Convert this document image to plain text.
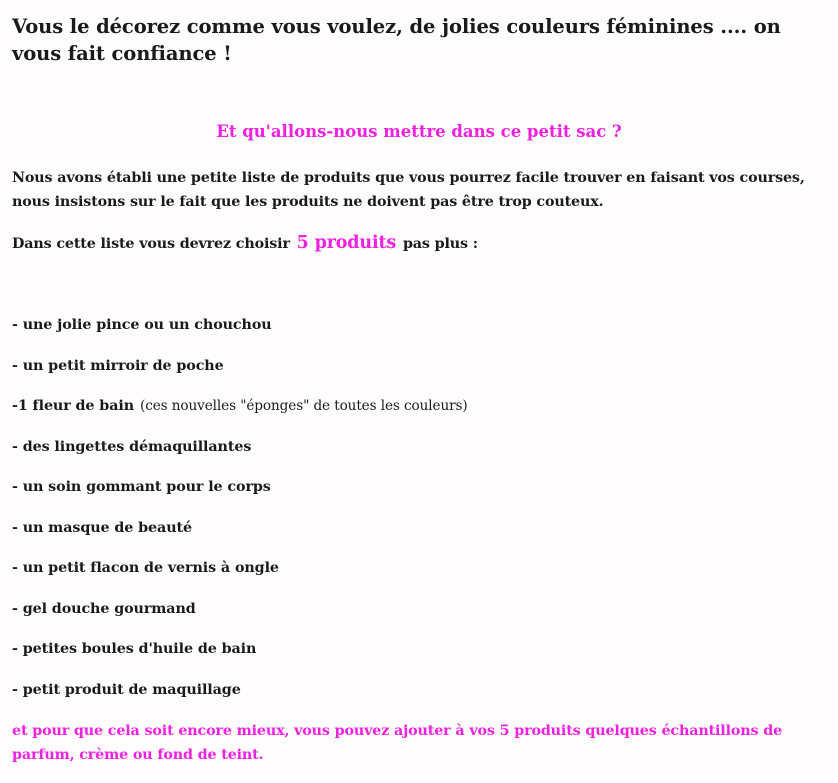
Vous le décorez comme vous voulez, de jolies couleurs féminines .... on vous fait confiance !
Et qu'allons-nous mettre dans ce petit sac ?

Nous avons établi une petite liste de produits que vous pourrez facile trouver en faisant vos courses, nous insistons sur le fait que les produits ne doivent pas être trop couteux.

Dans cette liste vous devrez choisir 5 produits pas plus :

- une jolie pince ou un chouchou
- un petit mirroir de poche
-1 fleur de bain (ces nouvelles "éponges" de toutes les couleurs)
- des lingettes démaquillantes
- un soin gommant pour le corps
- un masque de beauté
- un petit flacon de vernis à ongle
- gel douche gourmand
- petites boules d'huile de bain
- petit produit de maquillage

et pour que cela soit encore mieux, vous pouvez ajouter à vos 5 produits quelques échantillons de parfum, crème ou fond de teint.
